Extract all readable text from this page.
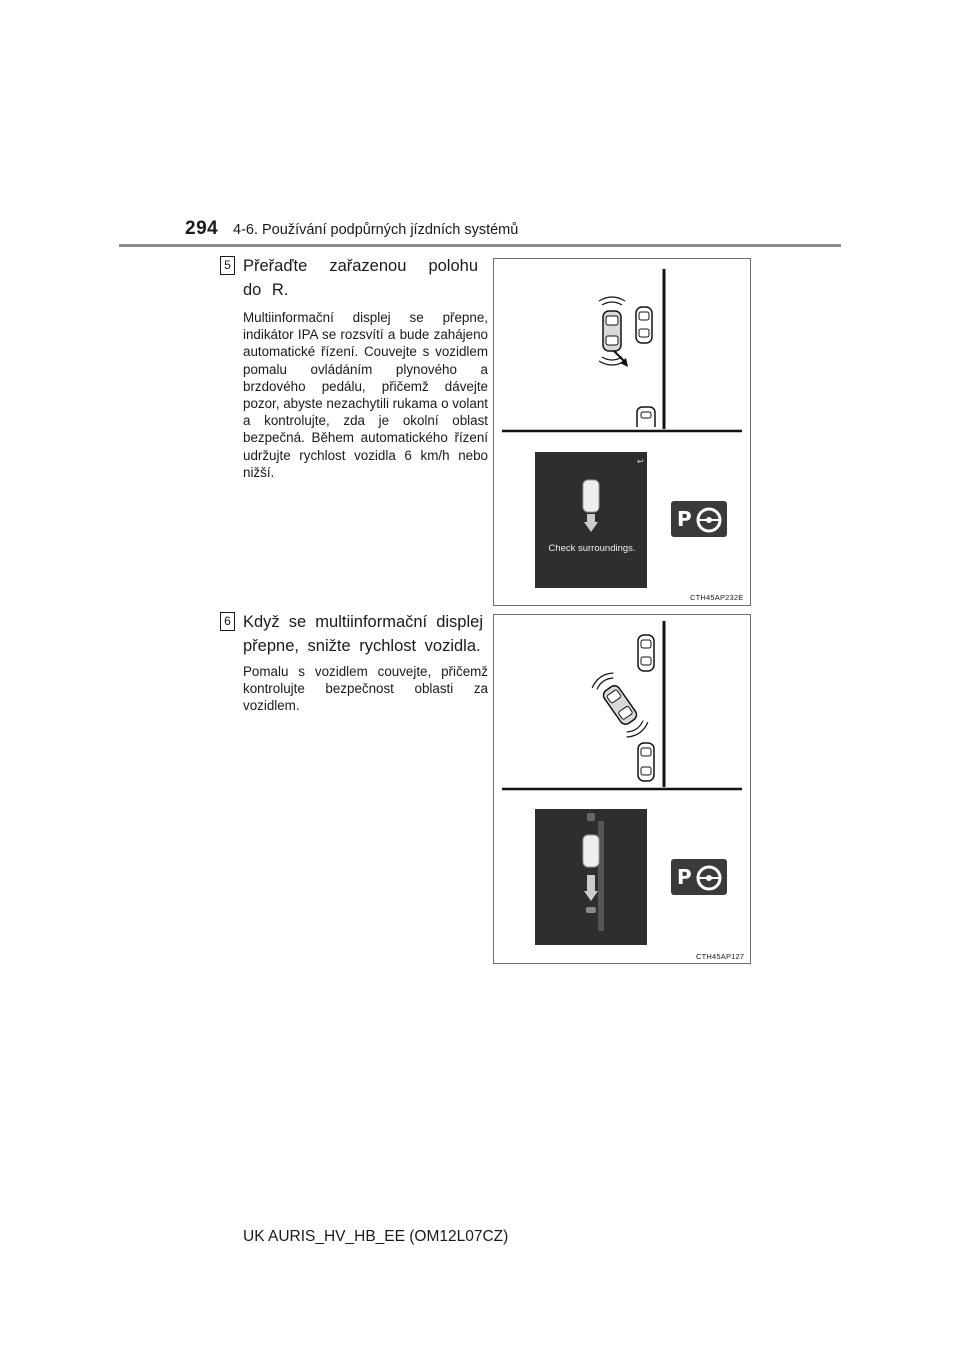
294 4-6. Používání podpůrných jízdních systémů
5 Přeřaďte zařazenou polohu do R.
Multiinformační displej se přepne, indikátor IPA se rozsvítí a bude zahájeno automatické řízení. Couvejte s vozidlem pomalu ovládáním plynového a brzdového pedálu, přičemž dávejte pozor, abyste nezachytili rukama o volant a kontrolujte, zda je okolní oblast bezpečná. Během automatického řízení udržujte rychlost vozidla 6 km/h nebo nižší.
↩
P
Check surroundings.
CTH45AP232E
6 Když se multiinformační displej přepne, snižte rychlost vozidla.
Pomalu s vozidlem couvejte, přičemž kontrolujte bezpečnost oblasti za vozidlem.
P
CTH45AP127
UK AURIS_HV_HB_EE (OM12L07CZ)
